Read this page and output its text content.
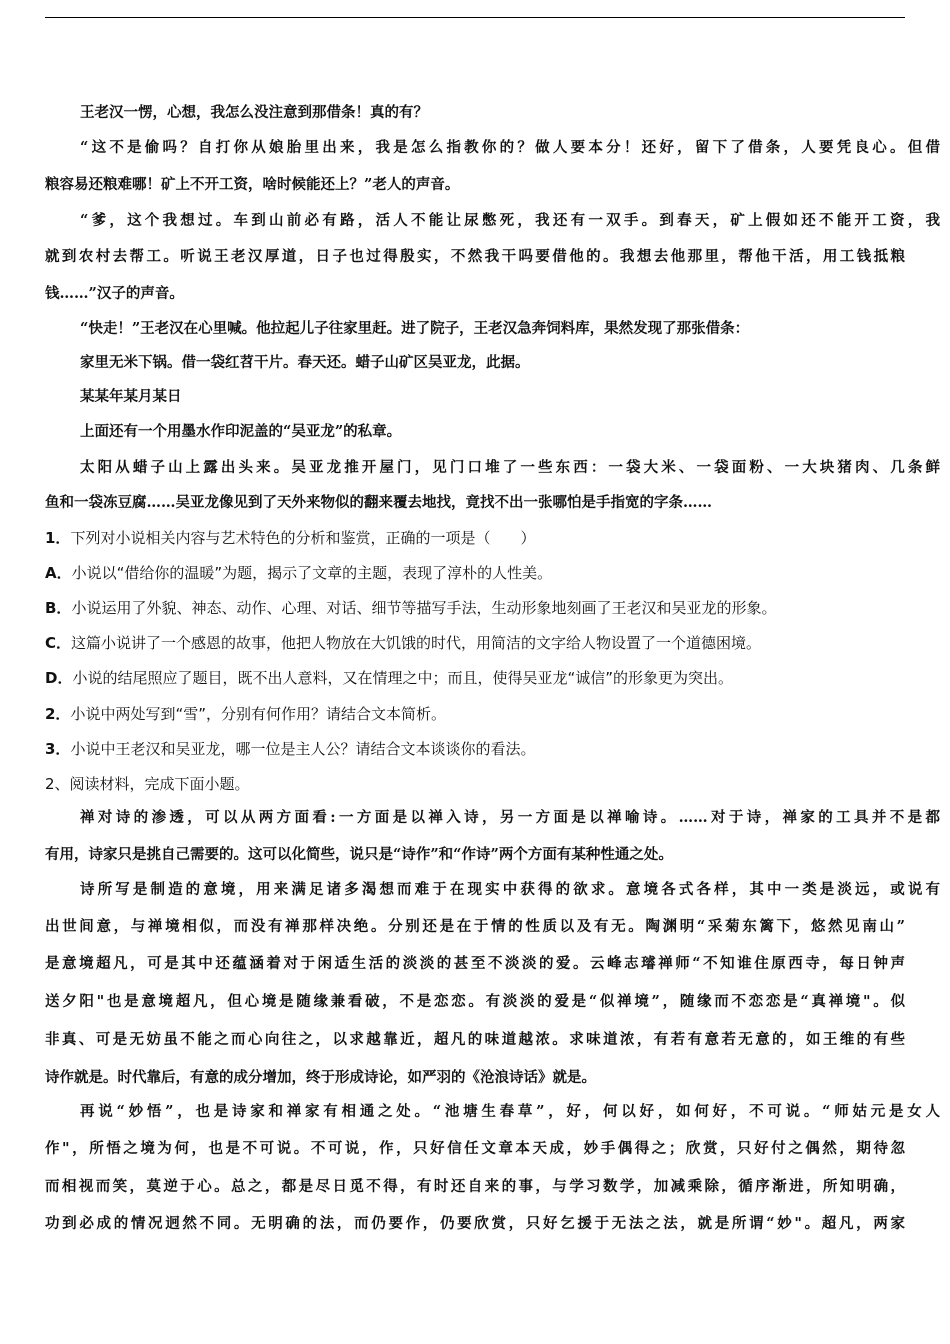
王老汉一愣，心想，我怎么没注意到那借条！真的有？
“这不是偷吗？自打你从娘胎里出来，我是怎么指教你的？做人要本分！还好，留下了借条，人要凭良心。但借
粮容易还粮难哪！矿上不开工资，啥时候能还上？”老人的声音。
“爹，这个我想过。车到山前必有路，活人不能让尿憋死，我还有一双手。到春天，矿上假如还不能开工资，我
就到农村去帮工。听说王老汉厚道，日子也过得殷实，不然我干吗要借他的。我想去他那里，帮他干活，用工钱抵粮
钱……”汉子的声音。
“快走！”王老汉在心里喊。他拉起儿子往家里赶。进了院子，王老汉急奔饲料库，果然发现了那张借条：
家里无米下锅。借一袋红苕干片。春天还。蜡子山矿区吴亚龙，此据。
某某年某月某日
上面还有一个用墨水作印泥盖的“吴亚龙”的私章。
太阳从蜡子山上露出头来。吴亚龙推开屋门，见门口堆了一些东西：一袋大米、一袋面粉、一大块猪肉、几条鲜
鱼和一袋冻豆腐……吴亚龙像见到了天外来物似的翻来覆去地找，竟找不出一张哪怕是手指宽的字条……
1．下列对小说相关内容与艺术特色的分析和鉴赏，正确的一项是（　　）
A．小说以“借给你的温暖”为题，揭示了文章的主题，表现了淳朴的人性美。
B．小说运用了外貌、神态、动作、心理、对话、细节等描写手法，生动形象地刻画了王老汉和吴亚龙的形象。
C．这篇小说讲了一个感恩的故事，他把人物放在大饥饿的时代，用简洁的文字给人物设置了一个道德困境。
D．小说的结尾照应了题目，既不出人意料，又在情理之中；而且，使得吴亚龙“诚信”的形象更为突出。
2．小说中两处写到“雪”，分别有何作用？请结合文本简析。
3．小说中王老汉和吴亚龙，哪一位是主人公？请结合文本谈谈你的看法。
2、阅读材料，完成下面小题。
禅对诗的渗透，可以从两方面看:一方面是以禅入诗，另一方面是以禅喻诗。……对于诗，禅家的工具并不是都
有用，诗家只是挑自己需要的。这可以化简些，说只是“诗作”和“作诗”两个方面有某种性通之处。
诗所写是制造的意境，用来满足诸多渴想而难于在现实中获得的欲求。意境各式各样，其中一类是淡远，或说有
出世间意，与禅境相似，而没有禅那样决绝。分别还是在于情的性质以及有无。陶渊明“采菊东篱下，悠然见南山”
是意境超凡，可是其中还蕴涵着对于闲适生活的淡淡的甚至不淡淡的爱。云峰志璿禅师“不知谁住原西寺，每日钟声
送夕阳"也是意境超凡，但心境是随缘兼看破，不是恋恋。有淡淡的爱是“似禅境”，随缘而不恋恋是“真禅境"。似
非真、可是无妨虽不能之而心向往之，以求越靠近，超凡的味道越浓。求味道浓，有若有意若无意的，如王维的有些
诗作就是。时代靠后，有意的成分增加，终于形成诗论，如严羽的《沧浪诗话》就是。
再说“妙悟”，也是诗家和禅家有相通之处。“池塘生春草”，好，何以好，如何好，不可说。“师姑元是女人
作"，所悟之境为何，也是不可说。不可说，作，只好信任文章本天成，妙手偶得之；欣赏，只好付之偶然，期待忽
而相视而笑，莫逆于心。总之，都是尽日觅不得，有时还自来的事，与学习数学，加减乘除，循序渐进，所知明确，
功到必成的情况迥然不同。无明确的法，而仍要作，仍要欣赏，只好乞援于无法之法，就是所谓“妙"。超凡，两家
